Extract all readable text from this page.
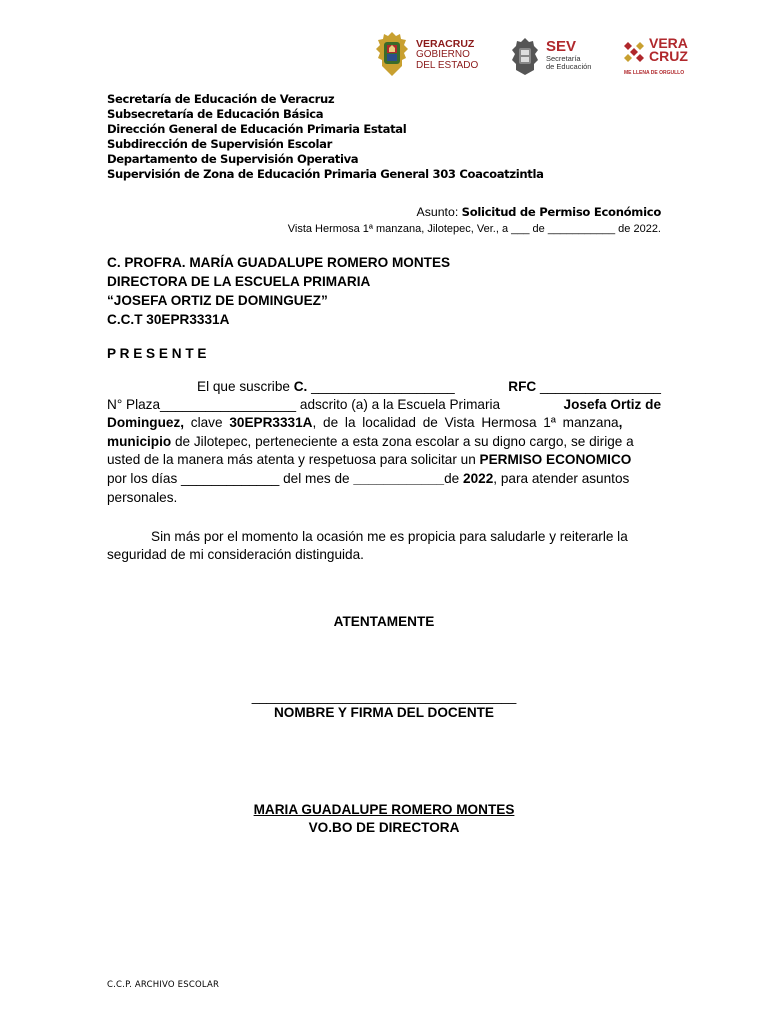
VERACRUZ
GOBIERNO
DEL ESTADO
SEV
Secretaría
de Educación
VERA
CRUZ
ME LLENA DE ORGULLO
Secretaría de Educación de Veracruz
Subsecretaría de Educación Básica
Dirección General de Educación Primaria Estatal
Subdirección de Supervisión Escolar
Departamento de Supervisión Operativa
Supervisión de Zona de Educación Primaria General 303 Coacoatzintla
Asunto: Solicitud de Permiso Económico
Vista Hermosa 1ª manzana, Jilotepec, Ver., a ___ de ___________ de 2022.
C. PROFRA. MARÍA GUADALUPE ROMERO MONTES
DIRECTORA DE LA ESCUELA PRIMARIA
“JOSEFA ORTIZ DE DOMINGUEZ”
C.C.T 30EPR3331A
P R E S E N T E
El que suscribe C. ___________________	RFC ________________
N° Plaza__________________ adscrito (a) a la Escuela Primaria	Josefa Ortiz de
Dominguez, clave 30EPR3331A, de la localidad de Vista Hermosa 1ª manzana,
municipio de Jilotepec, perteneciente a esta zona escolar a su digno cargo, se dirige a
usted de la manera más atenta y respetuosa para solicitar un PERMISO ECONOMICO
por los días _____________ del mes de ____________de 2022, para atender asuntos
personales.
Sin más por el momento la ocasión me es propicia para saludarle y reiterarle la
seguridad de mi consideración distinguida.
ATENTAMENTE
___________________________________
NOMBRE Y FIRMA DEL DOCENTE
MARIA GUADALUPE ROMERO MONTES
VO.BO DE DIRECTORA
C.C.P. ARCHIVO ESCOLAR
